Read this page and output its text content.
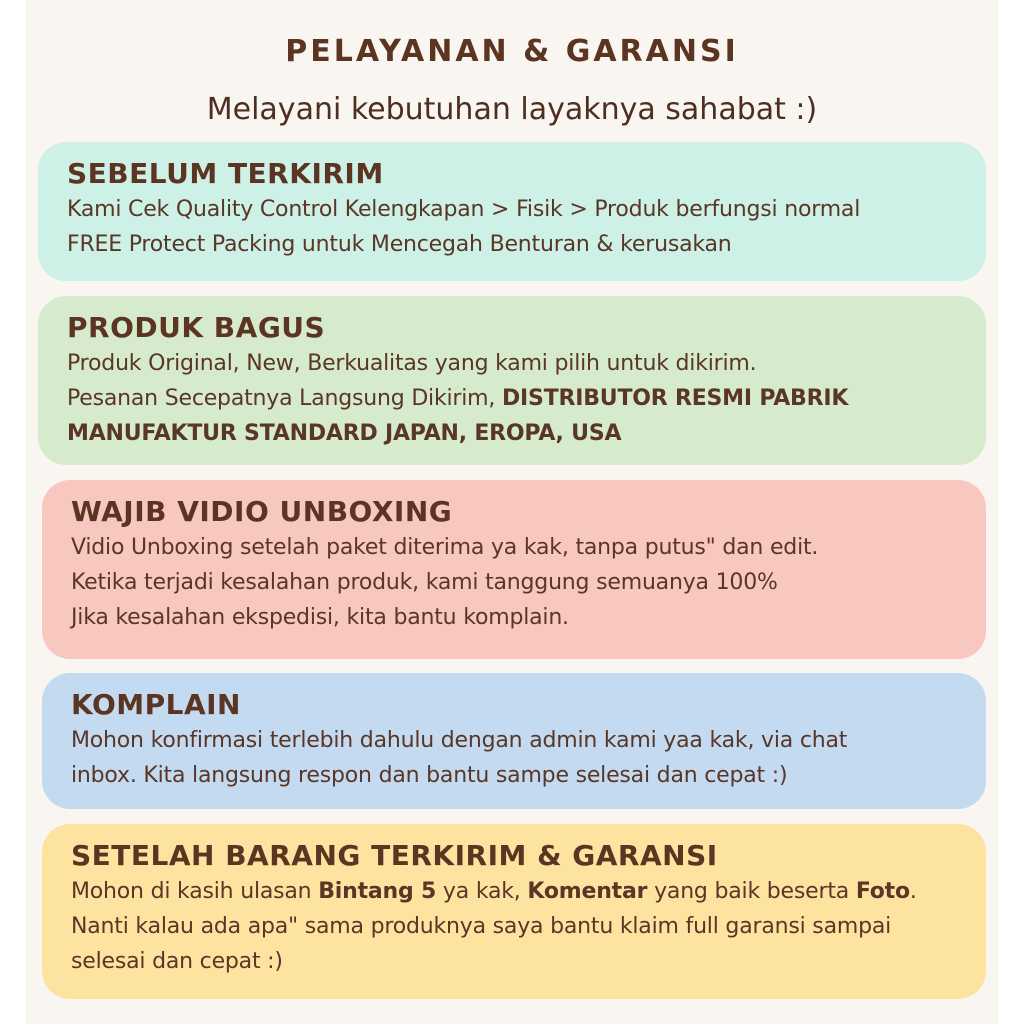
PELAYANAN & GARANSI
Melayani kebutuhan layaknya sahabat :)
SEBELUM TERKIRIM

Kami Cek Quality Control Kelengkapan > Fisik > Produk berfungsi normal

FREE Protect Packing untuk Mencegah Benturan & kerusakan

PRODUK BAGUS

Produk Original, New, Berkualitas yang kami pilih untuk dikirim.

Pesanan Secepatnya Langsung Dikirim, DISTRIBUTOR RESMI PABRIK

MANUFAKTUR STANDARD JAPAN, EROPA, USA

WAJIB VIDIO UNBOXING

Vidio Unboxing setelah paket diterima ya kak, tanpa putus" dan edit.

Ketika terjadi kesalahan produk, kami tanggung semuanya 100%

Jika kesalahan ekspedisi, kita bantu komplain.

KOMPLAIN

Mohon konfirmasi terlebih dahulu dengan admin kami yaa kak, via chat

inbox. Kita langsung respon dan bantu sampe selesai dan cepat :)

SETELAH BARANG TERKIRIM & GARANSI

Mohon di kasih ulasan Bintang 5 ya kak, Komentar yang baik beserta Foto.

Nanti kalau ada apa" sama produknya saya bantu klaim full garansi sampai

selesai dan cepat :)
